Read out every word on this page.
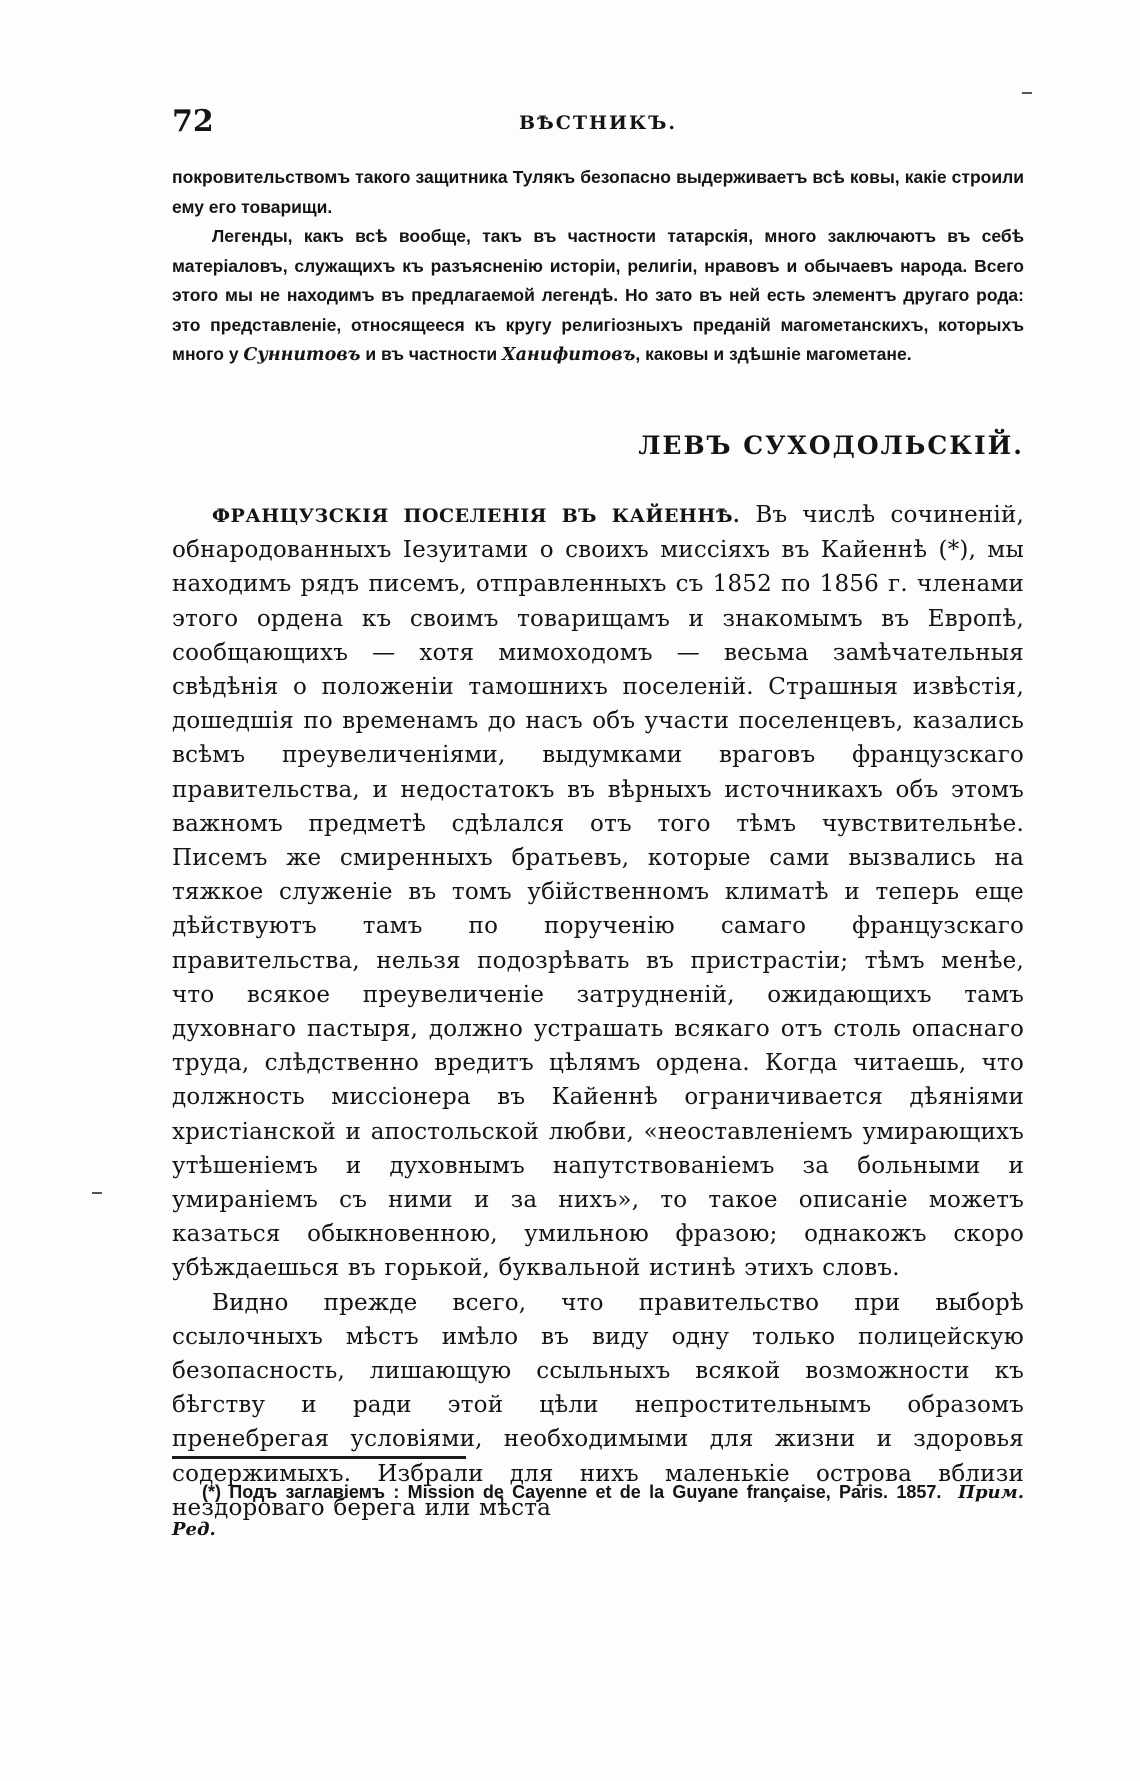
72	ВѢСТНИКЪ.

покровительствомъ такого защитника Тулякъ безопасно выдерживаетъ всѣ ковы, какіе строили ему его товарищи.

Легенды, какъ всѣ вообще, такъ въ частности татарскія, много заключаютъ въ себѣ матеріаловъ, служащихъ къ разъясненію исторіи, религіи, нравовъ и обычаевъ народа. Всего этого мы не находимъ въ предлагаемой легендѣ. Но зато въ ней есть элементъ другаго рода: это представленіе, относящееся къ кругу религіозныхъ преданій магометанскихъ, которыхъ много у Суннитовъ и въ частности Ханифитовъ, каковы и здѣшніе магометане.

ЛЕВЪ СУХОДОЛЬСКІЙ.

ФРАНЦУЗСКІЯ ПОСЕЛЕНІЯ ВЪ КАЙЕННѢ. Въ числѣ сочиненій, обнародованныхъ Іезуитами о своихъ миссіяхъ въ Кайеннѣ (*), мы находимъ рядъ писемъ, отправленныхъ съ 1852 по 1856 г. членами этого ордена къ своимъ товарищамъ и знакомымъ въ Европѣ, сообщающихъ — хотя мимоходомъ — весьма замѣчательныя свѣдѣнія о положеніи тамошнихъ поселеній. Страшныя извѣстія, дошедшія по временамъ до насъ объ участи поселенцевъ, казались всѣмъ преувеличеніями, выдумками враговъ французскаго правительства, и недостатокъ въ вѣрныхъ источникахъ объ этомъ важномъ предметѣ сдѣлался отъ того тѣмъ чувствительнѣе. Писемъ же смиренныхъ братьевъ, которые сами вызвались на тяжкое служеніе въ томъ убійственномъ климатѣ и теперь еще дѣйствуютъ тамъ по порученію самаго французскаго правительства, нельзя подозрѣвать въ пристрастіи; тѣмъ менѣе, что всякое преувеличеніе затрудненій, ожидающихъ тамъ духовнаго пастыря, должно устрашать всякаго отъ столь опаснаго труда, слѣдственно вредитъ цѣлямъ ордена. Когда читаешь, что должность миссіонера въ Кайеннѣ ограничивается дѣяніями христіанской и апостольской любви, «неоставленіемъ умирающихъ утѣшеніемъ и духовнымъ напутствованіемъ за больными и умираніемъ съ ними и за нихъ», то такое описаніе можетъ казаться обыкновенною, умильною фразою; однакожъ скоро убѣждаешься въ горькой, буквальной истинѣ этихъ словъ.

Видно прежде всего, что правительство при выборѣ ссылочныхъ мѣстъ имѣло въ виду одну только полицейскую безопасность, лишающую ссыльныхъ всякой возможности къ бѣгству и ради этой цѣли непростительнымъ образомъ пренебрегая условіями, необходимыми для жизни и здоровья содержимыхъ. Избрали для нихъ маленькіе острова вблизи нездороваго берега или мѣста

(*) Подъ заглавіемъ : Mission de Cayenne et de la Guyane française, Paris. 1857. Прим. Ред.
